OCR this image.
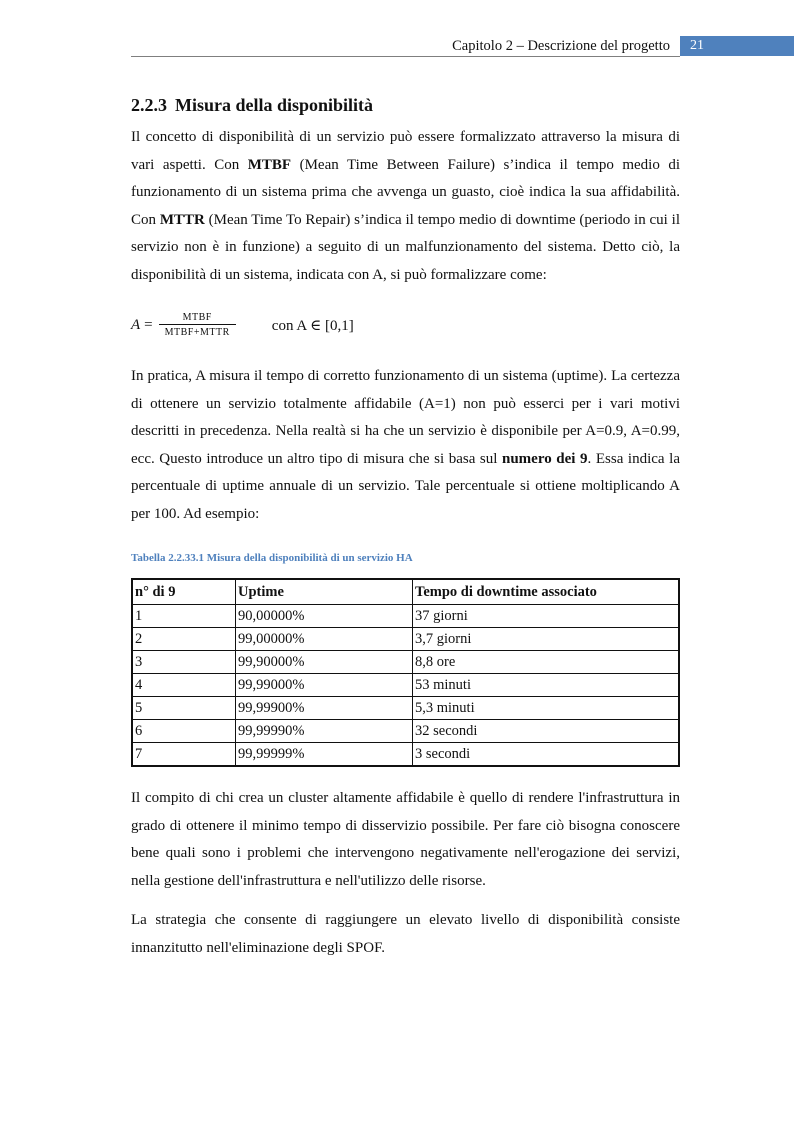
Capitolo 2 – Descrizione del progetto 21
2.2.3 Misura della disponibilità

Il concetto di disponibilità di un servizio può essere formalizzato attraverso la misura di vari aspetti. Con MTBF (Mean Time Between Failure) s’indica il tempo medio di funzionamento di un sistema prima che avvenga un guasto, cioè indica la sua affidabilità. Con MTTR (Mean Time To Repair) s’indica il tempo medio di downtime (periodo in cui il servizio non è in funzione) a seguito di un malfunzionamento del sistema. Detto ciò, la disponibilità di un sistema, indicata con A, si può formalizzare come:

$A = \frac{\text{MTBF}}{\text{MTBF+MTTR}}$ con A ∈ [0,1]

In pratica, A misura il tempo di corretto funzionamento di un sistema (uptime). La certezza di ottenere un servizio totalmente affidabile (A=1) non può esserci per i vari motivi descritti in precedenza. Nella realtà si ha che un servizio è disponibile per A=0.9, A=0.99, ecc. Questo introduce un altro tipo di misura che si basa sul numero dei 9. Essa indica la percentuale di uptime annuale di un servizio. Tale percentuale si ottiene moltiplicando A per 100. Ad esempio:

Tabella 2.2.33.1 Misura della disponibilità di un servizio HA
n° di 9	Uptime	Tempo di downtime associato
1	90,00000%	37 giorni
2	99,00000%	3,7 giorni
3	99,90000%	8,8 ore
4	99,99000%	53 minuti
5	99,99900%	5,3 minuti
6	99,99990%	32 secondi
7	99,99999%	3 secondi

Il compito di chi crea un cluster altamente affidabile è quello di rendere l'infrastruttura in grado di ottenere il minimo tempo di disservizio possibile. Per fare ciò bisogna conoscere bene quali sono i problemi che intervengono negativamente nell'erogazione dei servizi, nella gestione dell'infrastruttura e nell'utilizzo delle risorse.

La strategia che consente di raggiungere un elevato livello di disponibilità consiste innanzitutto nell'eliminazione degli SPOF.
